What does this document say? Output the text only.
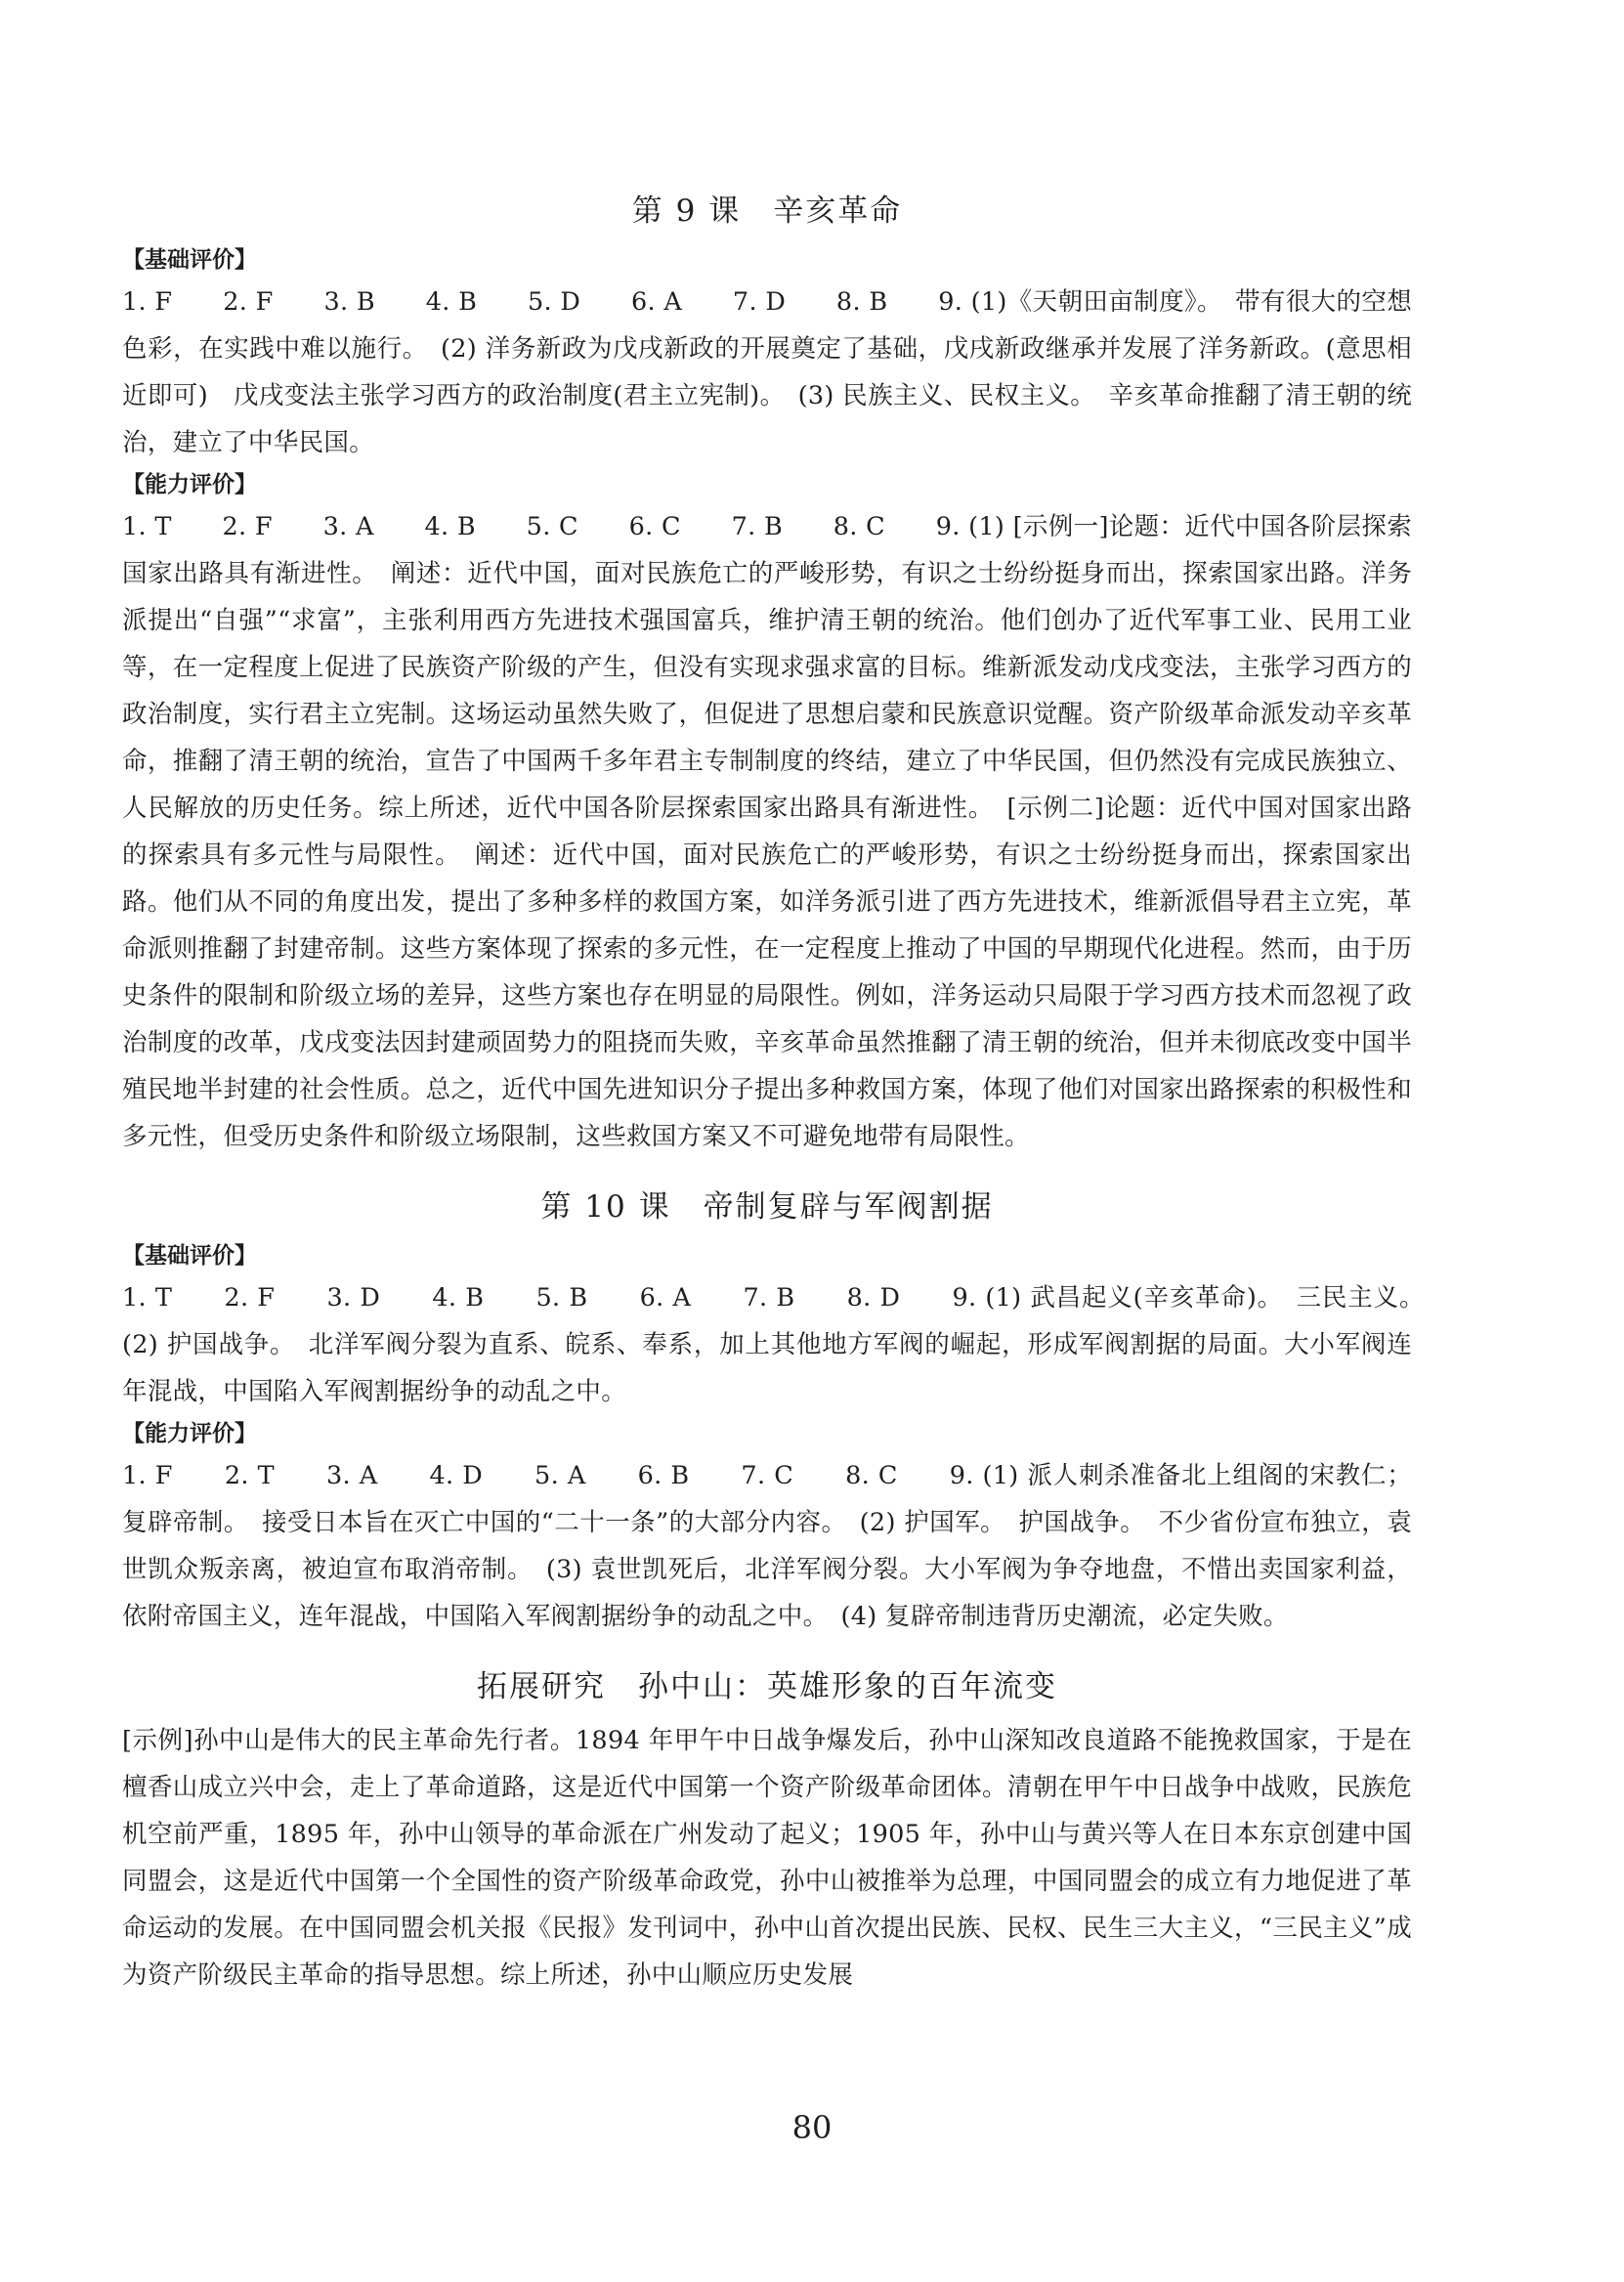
第 9 课　辛亥革命

【基础评价】

1. F　　2. F　　3. B　　4. B　　5. D　　6. A　　7. D　　8. B　　9. (1)《天朝田亩制度》。　带有很大的空想色彩，在实践中难以施行。　(2) 洋务新政为戊戌新政的开展奠定了基础，戊戌新政继承并发展了洋务新政。(意思相近即可)　戊戌变法主张学习西方的政治制度(君主立宪制)。　(3) 民族主义、民权主义。　辛亥革命推翻了清王朝的统治，建立了中华民国。

【能力评价】

1. T　　2. F　　3. A　　4. B　　5. C　　6. C　　7. B　　8. C　　9. (1) [示例一]论题：近代中国各阶层探索国家出路具有渐进性。　阐述：近代中国，面对民族危亡的严峻形势，有识之士纷纷挺身而出，探索国家出路。洋务派提出“自强”“求富”，主张利用西方先进技术强国富兵，维护清王朝的统治。他们创办了近代军事工业、民用工业等，在一定程度上促进了民族资产阶级的产生，但没有实现求强求富的目标。维新派发动戊戌变法，主张学习西方的政治制度，实行君主立宪制。这场运动虽然失败了，但促进了思想启蒙和民族意识觉醒。资产阶级革命派发动辛亥革命，推翻了清王朝的统治，宣告了中国两千多年君主专制制度的终结，建立了中华民国，但仍然没有完成民族独立、人民解放的历史任务。综上所述，近代中国各阶层探索国家出路具有渐进性。　[示例二]论题：近代中国对国家出路的探索具有多元性与局限性。　阐述：近代中国，面对民族危亡的严峻形势，有识之士纷纷挺身而出，探索国家出路。他们从不同的角度出发，提出了多种多样的救国方案，如洋务派引进了西方先进技术，维新派倡导君主立宪，革命派则推翻了封建帝制。这些方案体现了探索的多元性，在一定程度上推动了中国的早期现代化进程。然而，由于历史条件的限制和阶级立场的差异，这些方案也存在明显的局限性。例如，洋务运动只局限于学习西方技术而忽视了政治制度的改革，戊戌变法因封建顽固势力的阻挠而失败，辛亥革命虽然推翻了清王朝的统治，但并未彻底改变中国半殖民地半封建的社会性质。总之，近代中国先进知识分子提出多种救国方案，体现了他们对国家出路探索的积极性和多元性，但受历史条件和阶级立场限制，这些救国方案又不可避免地带有局限性。

第 10 课　帝制复辟与军阀割据

【基础评价】

1. T　　2. F　　3. D　　4. B　　5. B　　6. A　　7. B　　8. D　　9. (1) 武昌起义(辛亥革命)。　三民主义。　(2) 护国战争。　北洋军阀分裂为直系、皖系、奉系，加上其他地方军阀的崛起，形成军阀割据的局面。大小军阀连年混战，中国陷入军阀割据纷争的动乱之中。

【能力评价】

1. F　　2. T　　3. A　　4. D　　5. A　　6. B　　7. C　　8. C　　9. (1) 派人刺杀准备北上组阁的宋教仁；复辟帝制。　接受日本旨在灭亡中国的“二十一条”的大部分内容。　(2) 护国军。　护国战争。　不少省份宣布独立，袁世凯众叛亲离，被迫宣布取消帝制。　(3) 袁世凯死后，北洋军阀分裂。大小军阀为争夺地盘，不惜出卖国家利益，依附帝国主义，连年混战，中国陷入军阀割据纷争的动乱之中。　(4) 复辟帝制违背历史潮流，必定失败。

拓展研究　孙中山：英雄形象的百年流变

[示例]孙中山是伟大的民主革命先行者。1894 年甲午中日战争爆发后，孙中山深知改良道路不能挽救国家，于是在檀香山成立兴中会，走上了革命道路，这是近代中国第一个资产阶级革命团体。清朝在甲午中日战争中战败，民族危机空前严重，1895 年，孙中山领导的革命派在广州发动了起义；1905 年，孙中山与黄兴等人在日本东京创建中国同盟会，这是近代中国第一个全国性的资产阶级革命政党，孙中山被推举为总理，中国同盟会的成立有力地促进了革命运动的发展。在中国同盟会机关报《民报》发刊词中，孙中山首次提出民族、民权、民生三大主义，“三民主义”成为资产阶级民主革命的指导思想。综上所述，孙中山顺应历史发展

80
